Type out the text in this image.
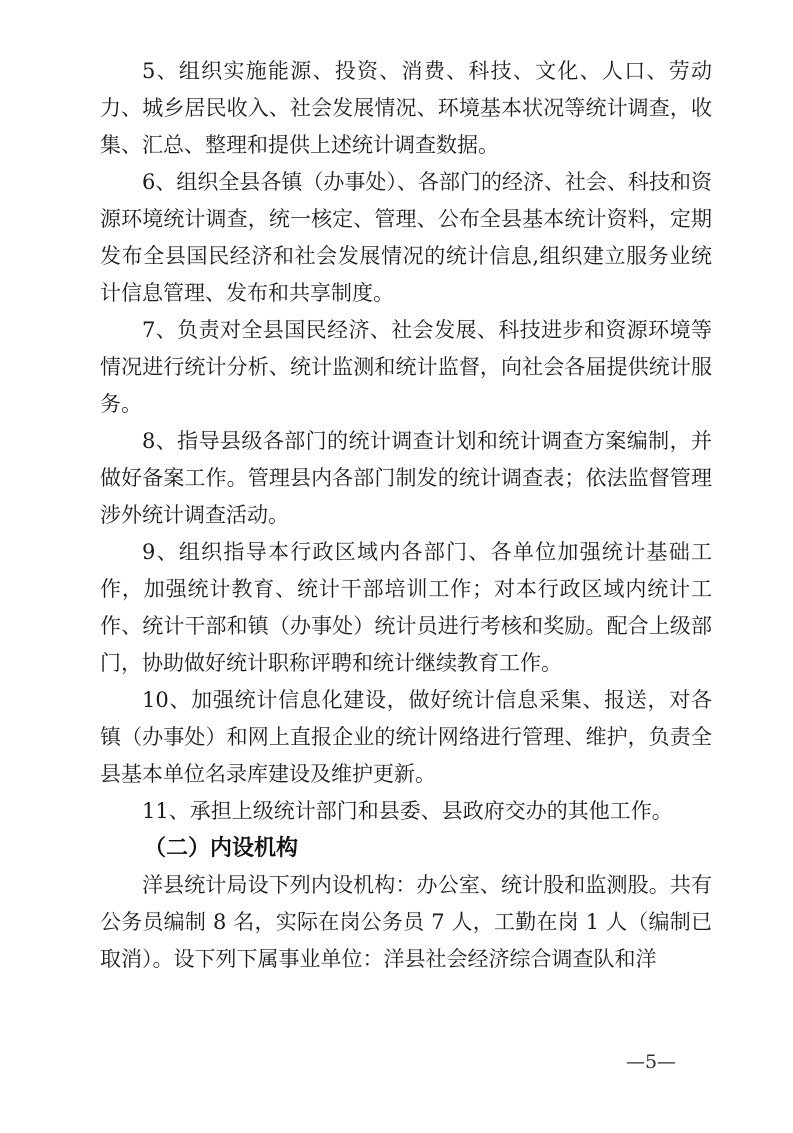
5、组织实施能源、投资、消费、科技、文化、人口、劳动力、城乡居民收入、社会发展情况、环境基本状况等统计调查，收集、汇总、整理和提供上述统计调查数据。

6、组织全县各镇（办事处）、各部门的经济、社会、科技和资源环境统计调查，统一核定、管理、公布全县基本统计资料，定期发布全县国民经济和社会发展情况的统计信息,组织建立服务业统计信息管理、发布和共享制度。

7、负责对全县国民经济、社会发展、科技进步和资源环境等情况进行统计分析、统计监测和统计监督，向社会各届提供统计服务。

8、指导县级各部门的统计调查计划和统计调查方案编制，并做好备案工作。管理县内各部门制发的统计调查表；依法监督管理涉外统计调查活动。

9、组织指导本行政区域内各部门、各单位加强统计基础工作，加强统计教育、统计干部培训工作；对本行政区域内统计工作、统计干部和镇（办事处）统计员进行考核和奖励。配合上级部门，协助做好统计职称评聘和统计继续教育工作。

10、加强统计信息化建设，做好统计信息采集、报送，对各镇（办事处）和网上直报企业的统计网络进行管理、维护，负责全县基本单位名录库建设及维护更新。

11、承担上级统计部门和县委、县政府交办的其他工作。

（二）内设机构

洋县统计局设下列内设机构：办公室、统计股和监测股。共有公务员编制 8 名，实际在岗公务员 7 人，工勤在岗 1 人（编制已取消）。设下列下属事业单位：洋县社会经济综合调查队和洋

—5—
